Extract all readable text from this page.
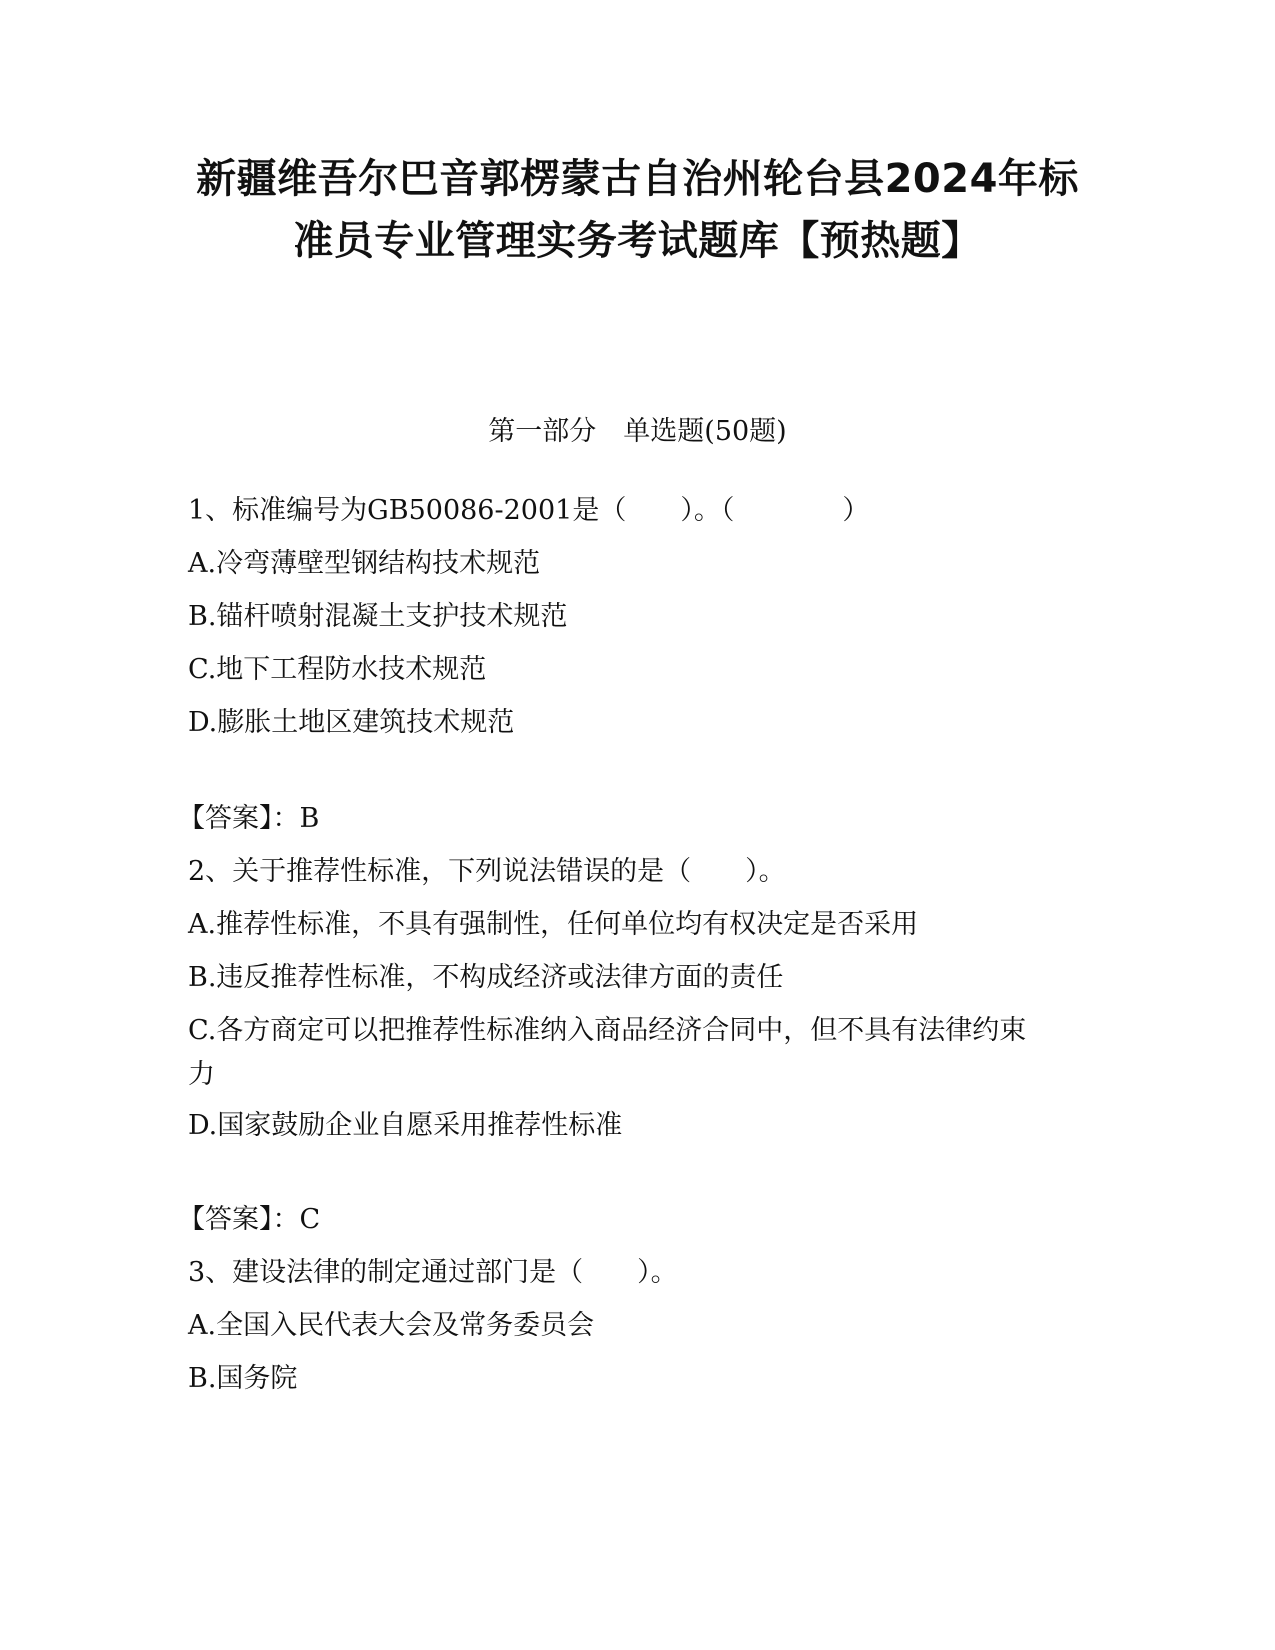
新疆维吾尔巴音郭楞蒙古自治州轮台县2024年标
准员专业管理实务考试题库【预热题】
第一部分　单选题(50题)

1、标准编号为GB50086-2001是（　　）。（　　　　）

A.冷弯薄壁型钢结构技术规范

B.锚杆喷射混凝土支护技术规范

C.地下工程防水技术规范

D.膨胀土地区建筑技术规范

【答案】：B

2、关于推荐性标准，下列说法错误的是（　　）。

A.推荐性标准，不具有强制性，任何单位均有权决定是否采用

B.违反推荐性标准，不构成经济或法律方面的责任

C.各方商定可以把推荐性标准纳入商品经济合同中，但不具有法律约束力

D.国家鼓励企业自愿采用推荐性标准

【答案】：C

3、建设法律的制定通过部门是（　　）。

A.全国入民代表大会及常务委员会

B.国务院
